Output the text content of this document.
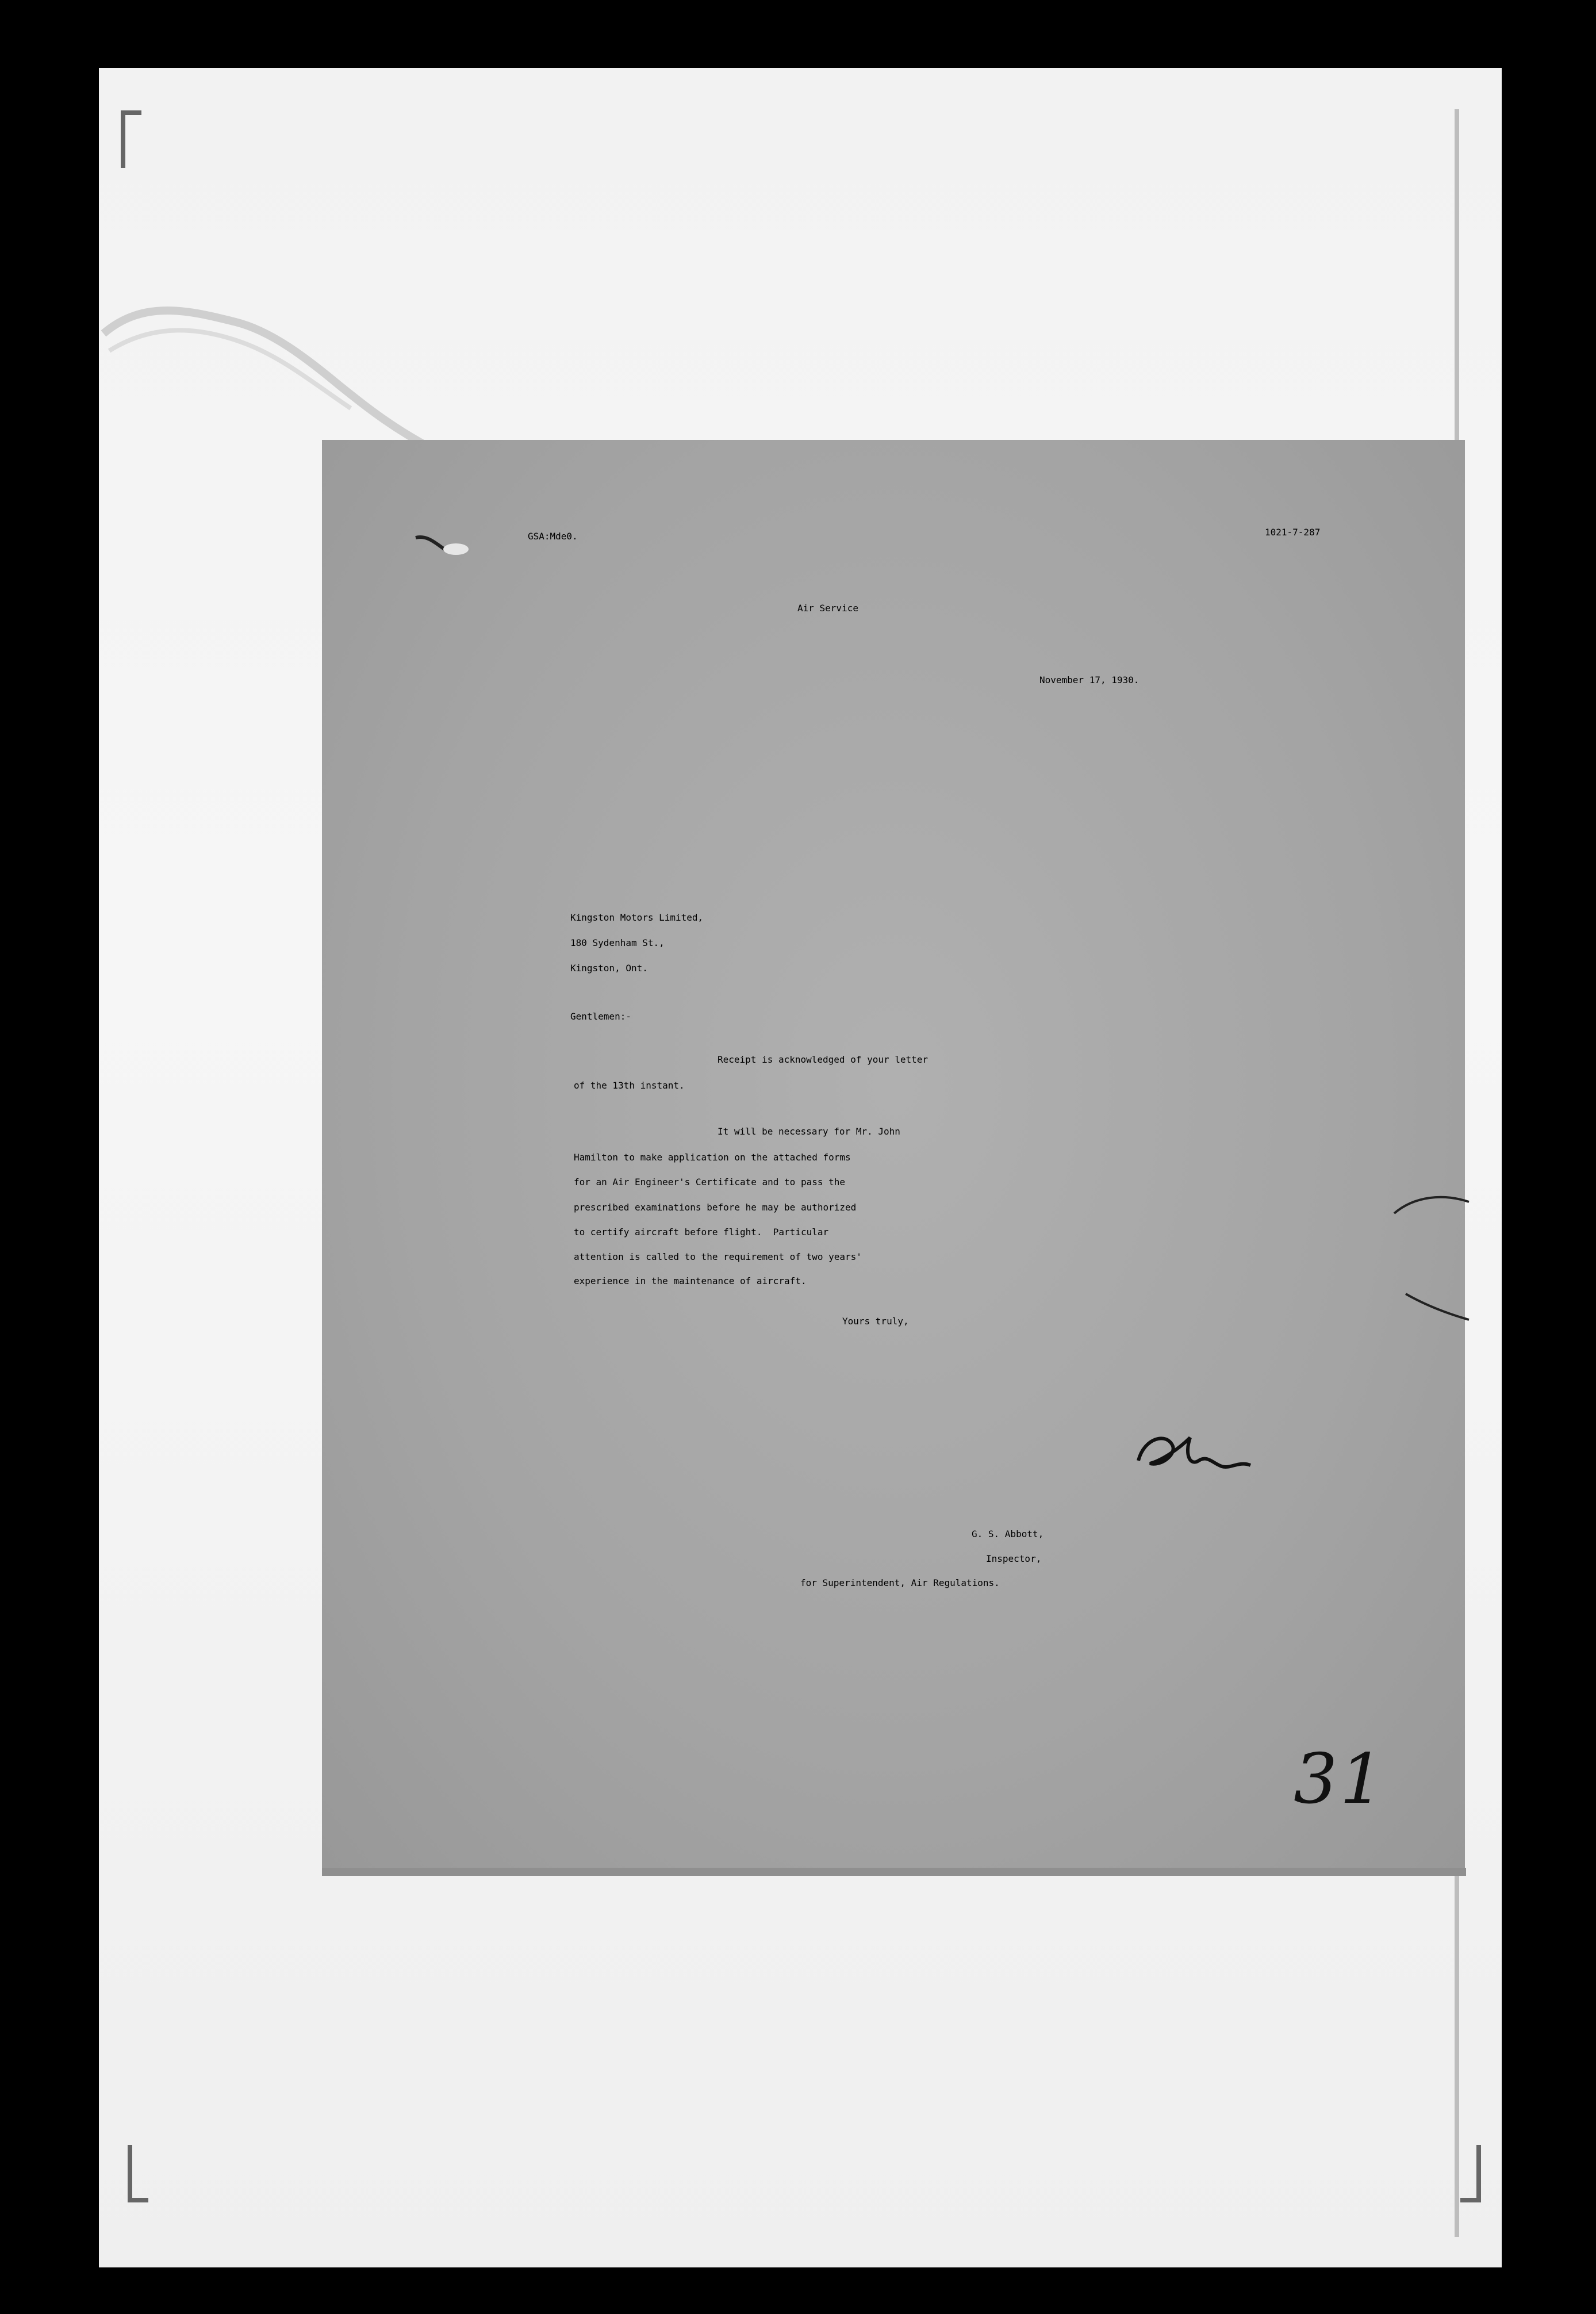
GSA:Mde0.	1021-7-287
Air Service
November 17, 1930.
Kingston Motors Limited,
180 Sydenham St.,
Kingston, Ont.
Gentlemen:-
Receipt is acknowledged of your letter
of the 13th instant.
It will be necessary for Mr. John
Hamilton to make application on the attached forms
for an Air Engineer's Certificate and to pass the
prescribed examinations before he may be authorized
to certify aircraft before flight.  Particular
attention is called to the requirement of two years'
experience in the maintenance of aircraft.
Yours truly,
G. S. Abbott,
Inspector,
for Superintendent, Air Regulations.
31
